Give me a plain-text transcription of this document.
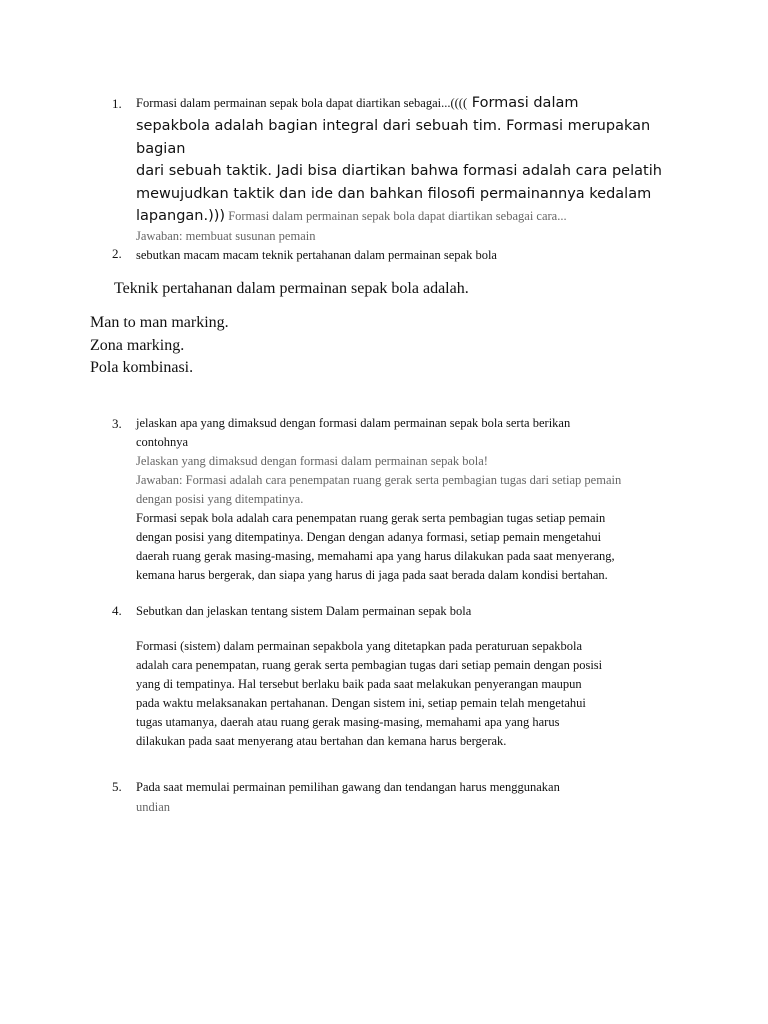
1. Formasi dalam permainan sepak bola dapat diartikan sebagai...(((( Formasi dalam
sepakbola adalah bagian integral dari sebuah tim. Formasi merupakan bagian
dari sebuah taktik. Jadi bisa diartikan bahwa formasi adalah cara pelatih
mewujudkan taktik dan ide dan bahkan filosofi permainannya kedalam
lapangan.))) Formasi dalam permainan sepak bola dapat diartikan sebagai cara...
Jawaban: membuat susunan pemain
2. sebutkan macam macam teknik pertahanan dalam permainan sepak bola
Teknik pertahanan dalam permainan sepak bola adalah.
Man to man marking.
Zona marking.
Pola kombinasi.
3. jelaskan apa yang dimaksud dengan formasi dalam permainan sepak bola serta berikan
contohnya
Jelaskan yang dimaksud dengan formasi dalam permainan sepak bola!
Jawaban: Formasi adalah cara penempatan ruang gerak serta pembagian tugas dari setiap pemain
dengan posisi yang ditempatinya.
Formasi sepak bola adalah cara penempatan ruang gerak serta pembagian tugas setiap pemain
dengan posisi yang ditempatinya. Dengan dengan adanya formasi, setiap pemain mengetahui
daerah ruang gerak masing-masing, memahami apa yang harus dilakukan pada saat menyerang,
kemana harus bergerak, dan siapa yang harus di jaga pada saat berada dalam kondisi bertahan.
4. Sebutkan dan jelaskan tentang sistem Dalam permainan sepak bola
Formasi (sistem) dalam permainan sepakbola yang ditetapkan pada peraturuan sepakbola
adalah cara penempatan, ruang gerak serta pembagian tugas dari setiap pemain dengan posisi
yang di tempatinya. Hal tersebut berlaku baik pada saat melakukan penyerangan maupun
pada waktu melaksanakan pertahanan. Dengan sistem ini, setiap pemain telah mengetahui
tugas utamanya, daerah atau ruang gerak masing-masing, memahami apa yang harus
dilakukan pada saat menyerang atau bertahan dan kemana harus bergerak.
5. Pada saat memulai permainan pemilihan gawang dan tendangan harus menggunakan
undian
